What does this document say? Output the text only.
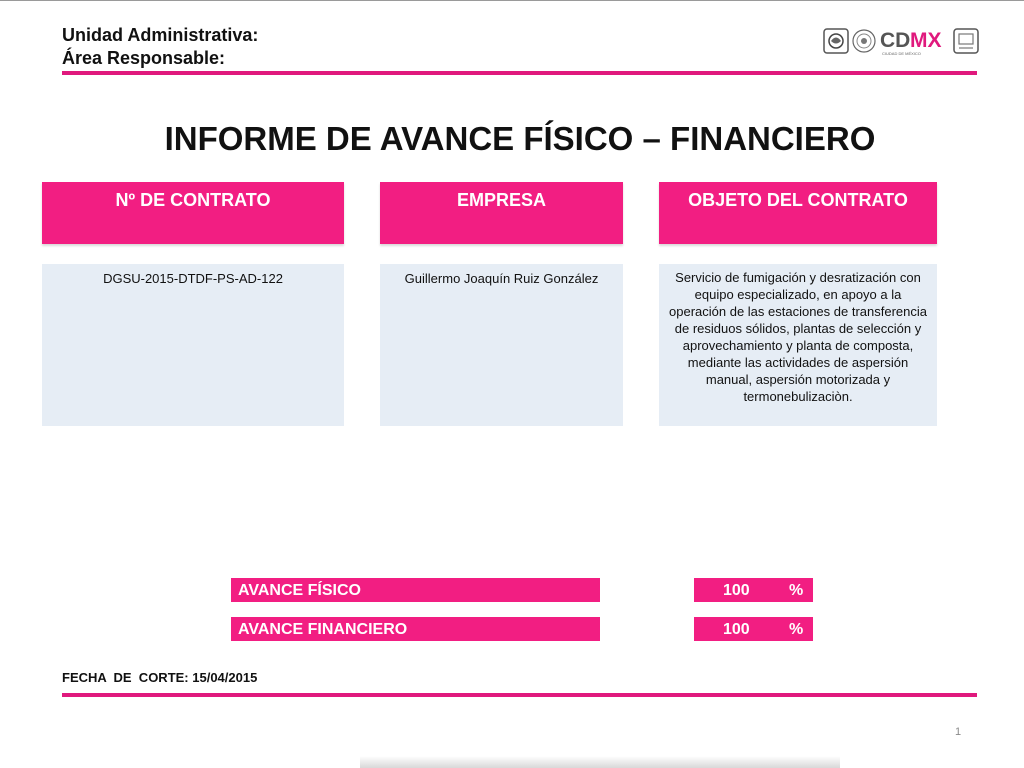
Unidad Administrativa:
Área Responsable:
CD MX
CIUDAD DE MÉXICO
INFORME DE AVANCE FÍSICO – FINANCIERO
Nº DE CONTRATO	EMPRESA	OBJETO DEL CONTRATO
DGSU-2015-DTDF-PS-AD-122	Guillermo Joaquín Ruiz González	Servicio de fumigación y desratización con equipo especializado, en apoyo a la operación de las estaciones de transferencia de residuos sólidos, plantas de selección y aprovechamiento y planta de composta, mediante las actividades de aspersión manual, aspersión motorizada y termonebulizaciòn.
AVANCE FÍSICO	100 %
AVANCE FINANCIERO	100 %
FECHA  DE  CORTE: 15/04/2015
1
